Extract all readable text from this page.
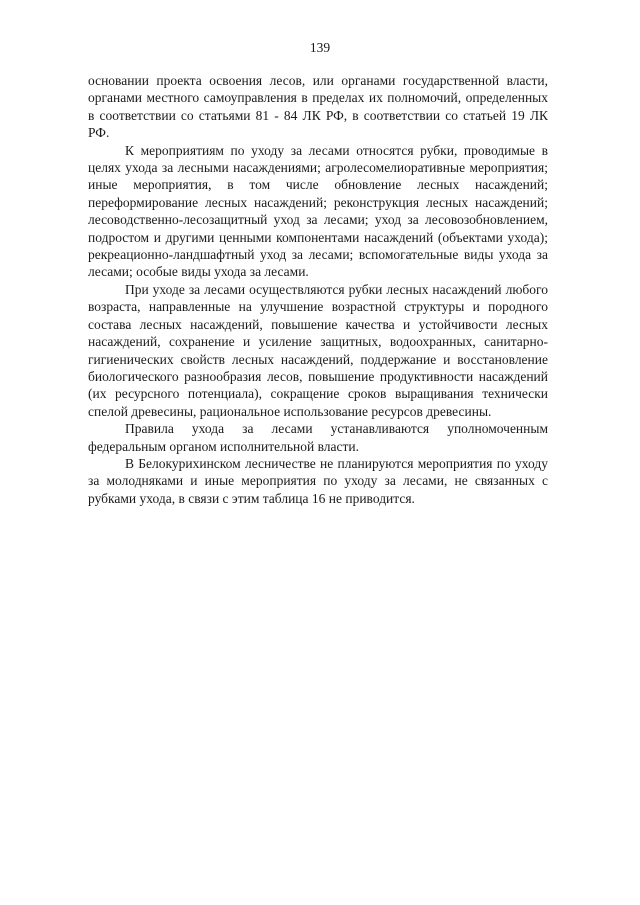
139

основании проекта освоения лесов, или органами государственной власти, органами местного самоуправления в пределах их полномочий, определенных в соответствии со статьями 81 - 84 ЛК РФ, в соответствии со статьей 19 ЛК РФ.

К мероприятиям по уходу за лесами относятся рубки, проводимые в целях ухода за лесными насаждениями; агролесомелиоративные мероприятия; иные мероприятия, в том числе обновление лесных насаждений; переформирование лесных насаждений; реконструкция лесных насаждений; лесоводственно-лесозащитный уход за лесами; уход за лесовозобновлением, подростом и другими ценными компонентами насаждений (объектами ухода); рекреационно-ландшафтный уход за лесами; вспомогательные виды ухода за лесами; особые виды ухода за лесами.

При уходе за лесами осуществляются рубки лесных насаждений любого возраста, направленные на улучшение возрастной структуры и породного состава лесных насаждений, повышение качества и устойчивости лесных насаждений, сохранение и усиление защитных, водоохранных, санитарно-гигиенических свойств лесных насаждений, поддержание и восстановление биологического разнообразия лесов, повышение продуктивности насаждений (их ресурсного потенциала), сокращение сроков выращивания технически спелой древесины, рациональное использование ресурсов древесины.

Правила ухода за лесами устанавливаются уполномоченным федеральным органом исполнительной власти.

В Белокурихинском лесничестве не планируются мероприятия по уходу за молодняками и иные мероприятия по уходу за лесами, не связанных с рубками ухода, в связи с этим таблица 16 не приводится.
